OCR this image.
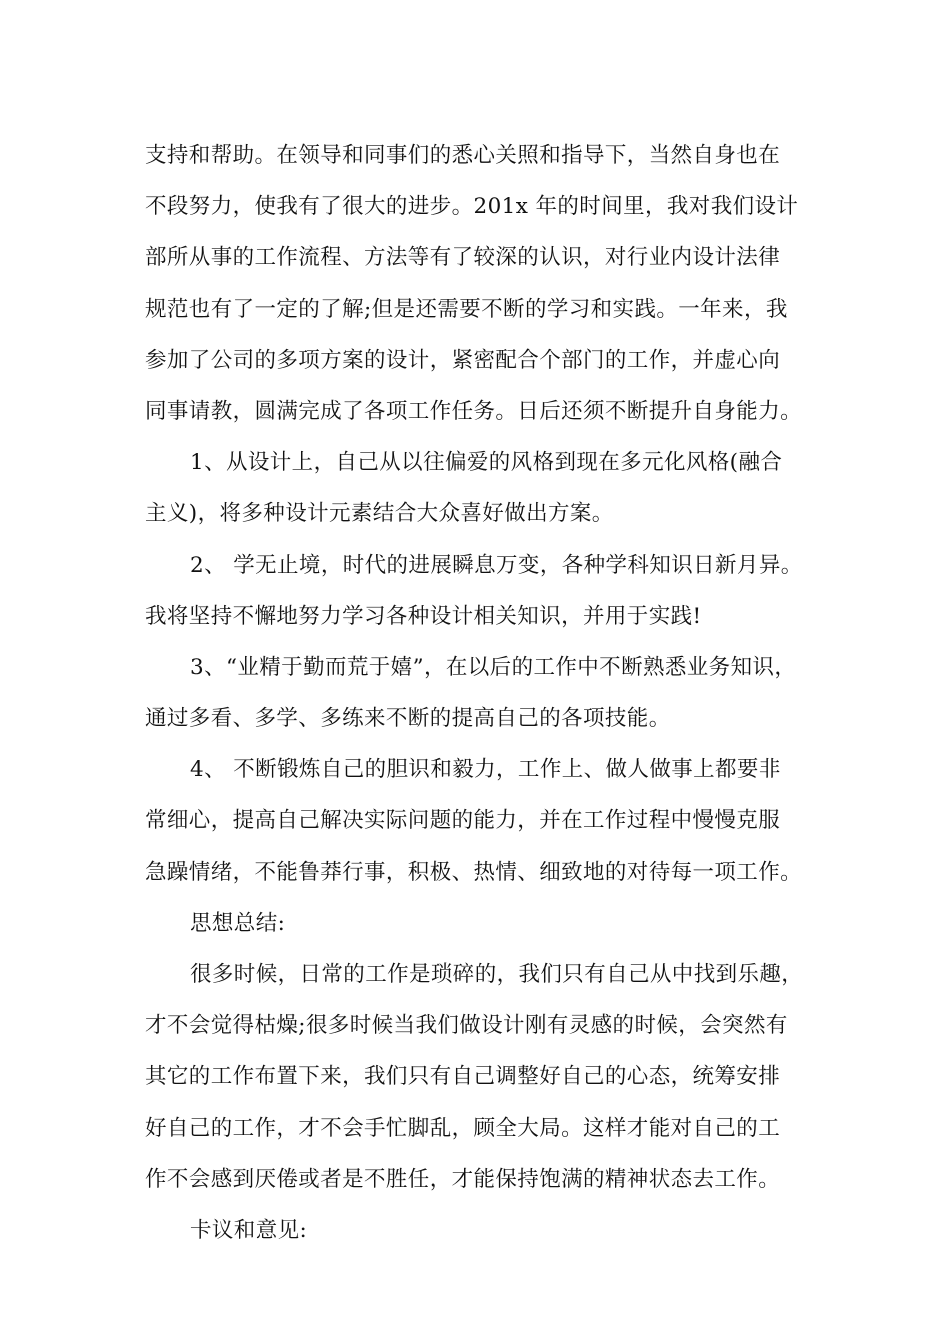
支持和帮助。在领导和同事们的悉心关照和指导下，当然自身也在
不段努力，使我有了很大的进步。201x 年的时间里，我对我们设计
部所从事的工作流程、方法等有了较深的认识，对行业内设计法律
规范也有了一定的了解;但是还需要不断的学习和实践。一年来，我
参加了公司的多项方案的设计，紧密配合个部门的工作，并虚心向
同事请教，圆满完成了各项工作任务。日后还须不断提升自身能力。
1、从设计上，自己从以往偏爱的风格到现在多元化风格(融合
主义)，将多种设计元素结合大众喜好做出方案。
2、 学无止境，时代的进展瞬息万变，各种学科知识日新月异。
我将坚持不懈地努力学习各种设计相关知识，并用于实践!
3、“业精于勤而荒于嬉”，在以后的工作中不断熟悉业务知识，
通过多看、多学、多练来不断的提高自己的各项技能。
4、 不断锻炼自己的胆识和毅力，工作上、做人做事上都要非
常细心，提高自己解决实际问题的能力，并在工作过程中慢慢克服
急躁情绪，不能鲁莽行事，积极、热情、细致地的对待每一项工作。
思想总结:
很多时候，日常的工作是琐碎的，我们只有自己从中找到乐趣，
才不会觉得枯燥;很多时候当我们做设计刚有灵感的时候，会突然有
其它的工作布置下来，我们只有自己调整好自己的心态，统筹安排
好自己的工作，才不会手忙脚乱，顾全大局。这样才能对自己的工
作不会感到厌倦或者是不胜任，才能保持饱满的精神状态去工作。
卡议和意见:
